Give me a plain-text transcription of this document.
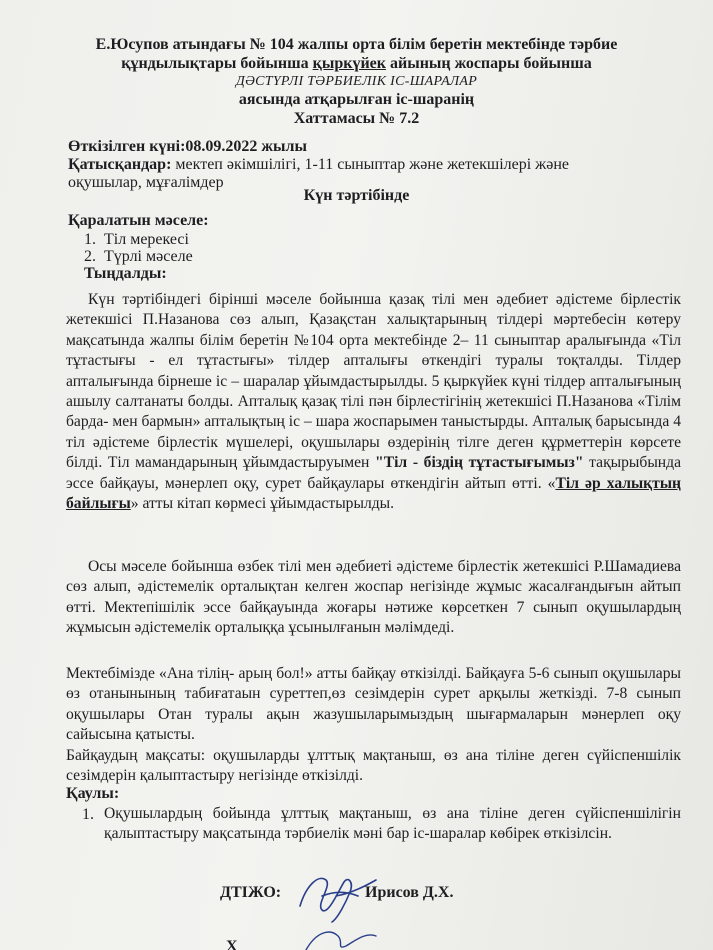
Е.Юсупов атындағы № 104 жалпы орта білім беретін мектебінде тәрбие
құндылықтары бойынша қыркүйек айының жоспары бойынша
ДӘСТҮРЛІ ТӘРБИЕЛІК ІС-ШАРАЛАР
аясында атқарылған іс-шаранің
Хаттамасы № 7.2
Өткізілген күні:08.09.2022 жылы
Қатысқандар: мектеп әкімшілігі, 1-11 сыныптар және жетекшілері және
оқушылар, мұғалімдер
Күн тәртібінде
Қаралатын мәселе:
1.  Тіл мерекесі
2.  Түрлі мәселе
Тыңдалды:
Күн тәртібіндегі бірінші мәселе бойынша қазақ тілі мен әдебиет әдістеме бірлестік жетекшісі П.Назанова сөз алып, Қазақстан халықтарының тілдері мәртебесін көтеру мақсатында жалпы білім беретін №104 орта мектебінде 2– 11 сыныптар аралығында «Тіл тұтастығы - ел тұтастығы» тілдер апталығы өткендігі туралы тоқталды. Тілдер апталығында бірнеше іс – шаралар ұйымдастырылды. 5 қыркүйек күні тілдер апталығының ашылу салтанаты болды. Апталық қазақ тілі пән бірлестігінің жетекшісі П.Назанова «Тілім барда- мен бармын» апталықтың іс – шара жоспарымен таныстырды. Апталық барысында 4 тіл әдістеме бірлестік мүшелері, оқушылары өздерінің тілге деген құрметтерін көрсете білді. Тіл мамандарының ұйымдастыруымен "Тіл - біздің тұтастығымыз" тақырыбында эссе байқауы, мәнерлеп оқу, сурет байқаулары өткендігін айтып өтті. «Тіл әр халықтың байлығы» атты кітап көрмесі ұйымдастырылды.
Осы мәселе бойынша өзбек тілі мен әдебиеті әдістеме бірлестік жетекшісі Р.Шамадиева сөз алып, әдістемелік орталықтан келген жоспар негізінде жұмыс жасалғандығын айтып өтті. Мектепішілік эссе байқауында жоғары нәтиже көрсеткен 7 сынып оқушылардың жұмысын әдістемелік орталыққа ұсынылғанын мәлімдеді.
Мектебімізде «Ана тілің- арың бол!» атты байқау өткізілді. Байқауға 5-6 сынып оқушылары өз отанынының табиғатаын суреттеп,өз сезімдерін сурет арқылы жеткізді. 7-8 сынып оқушылары Отан туралы ақын жазушыларымыздың шығармаларын мәнерлеп оқу сайысына қатысты.
Байқаудың мақсаты: оқушыларды ұлттық мақтаныш, өз ана тіліне деген сүйіспеншілік сезімдерін қалыптастыру негізінде өткізілді.
Қаулы:
1. Оқушылардың бойында ұлттық мақтаныш, өз ана тіліне деген сүйіспеншілігін қалыптастыру мақсатында тәрбиелік мәні бар іс-шаралар көбірек өткізілсін.
ДТІЖО:	Ирисов Д.Х.
Х
